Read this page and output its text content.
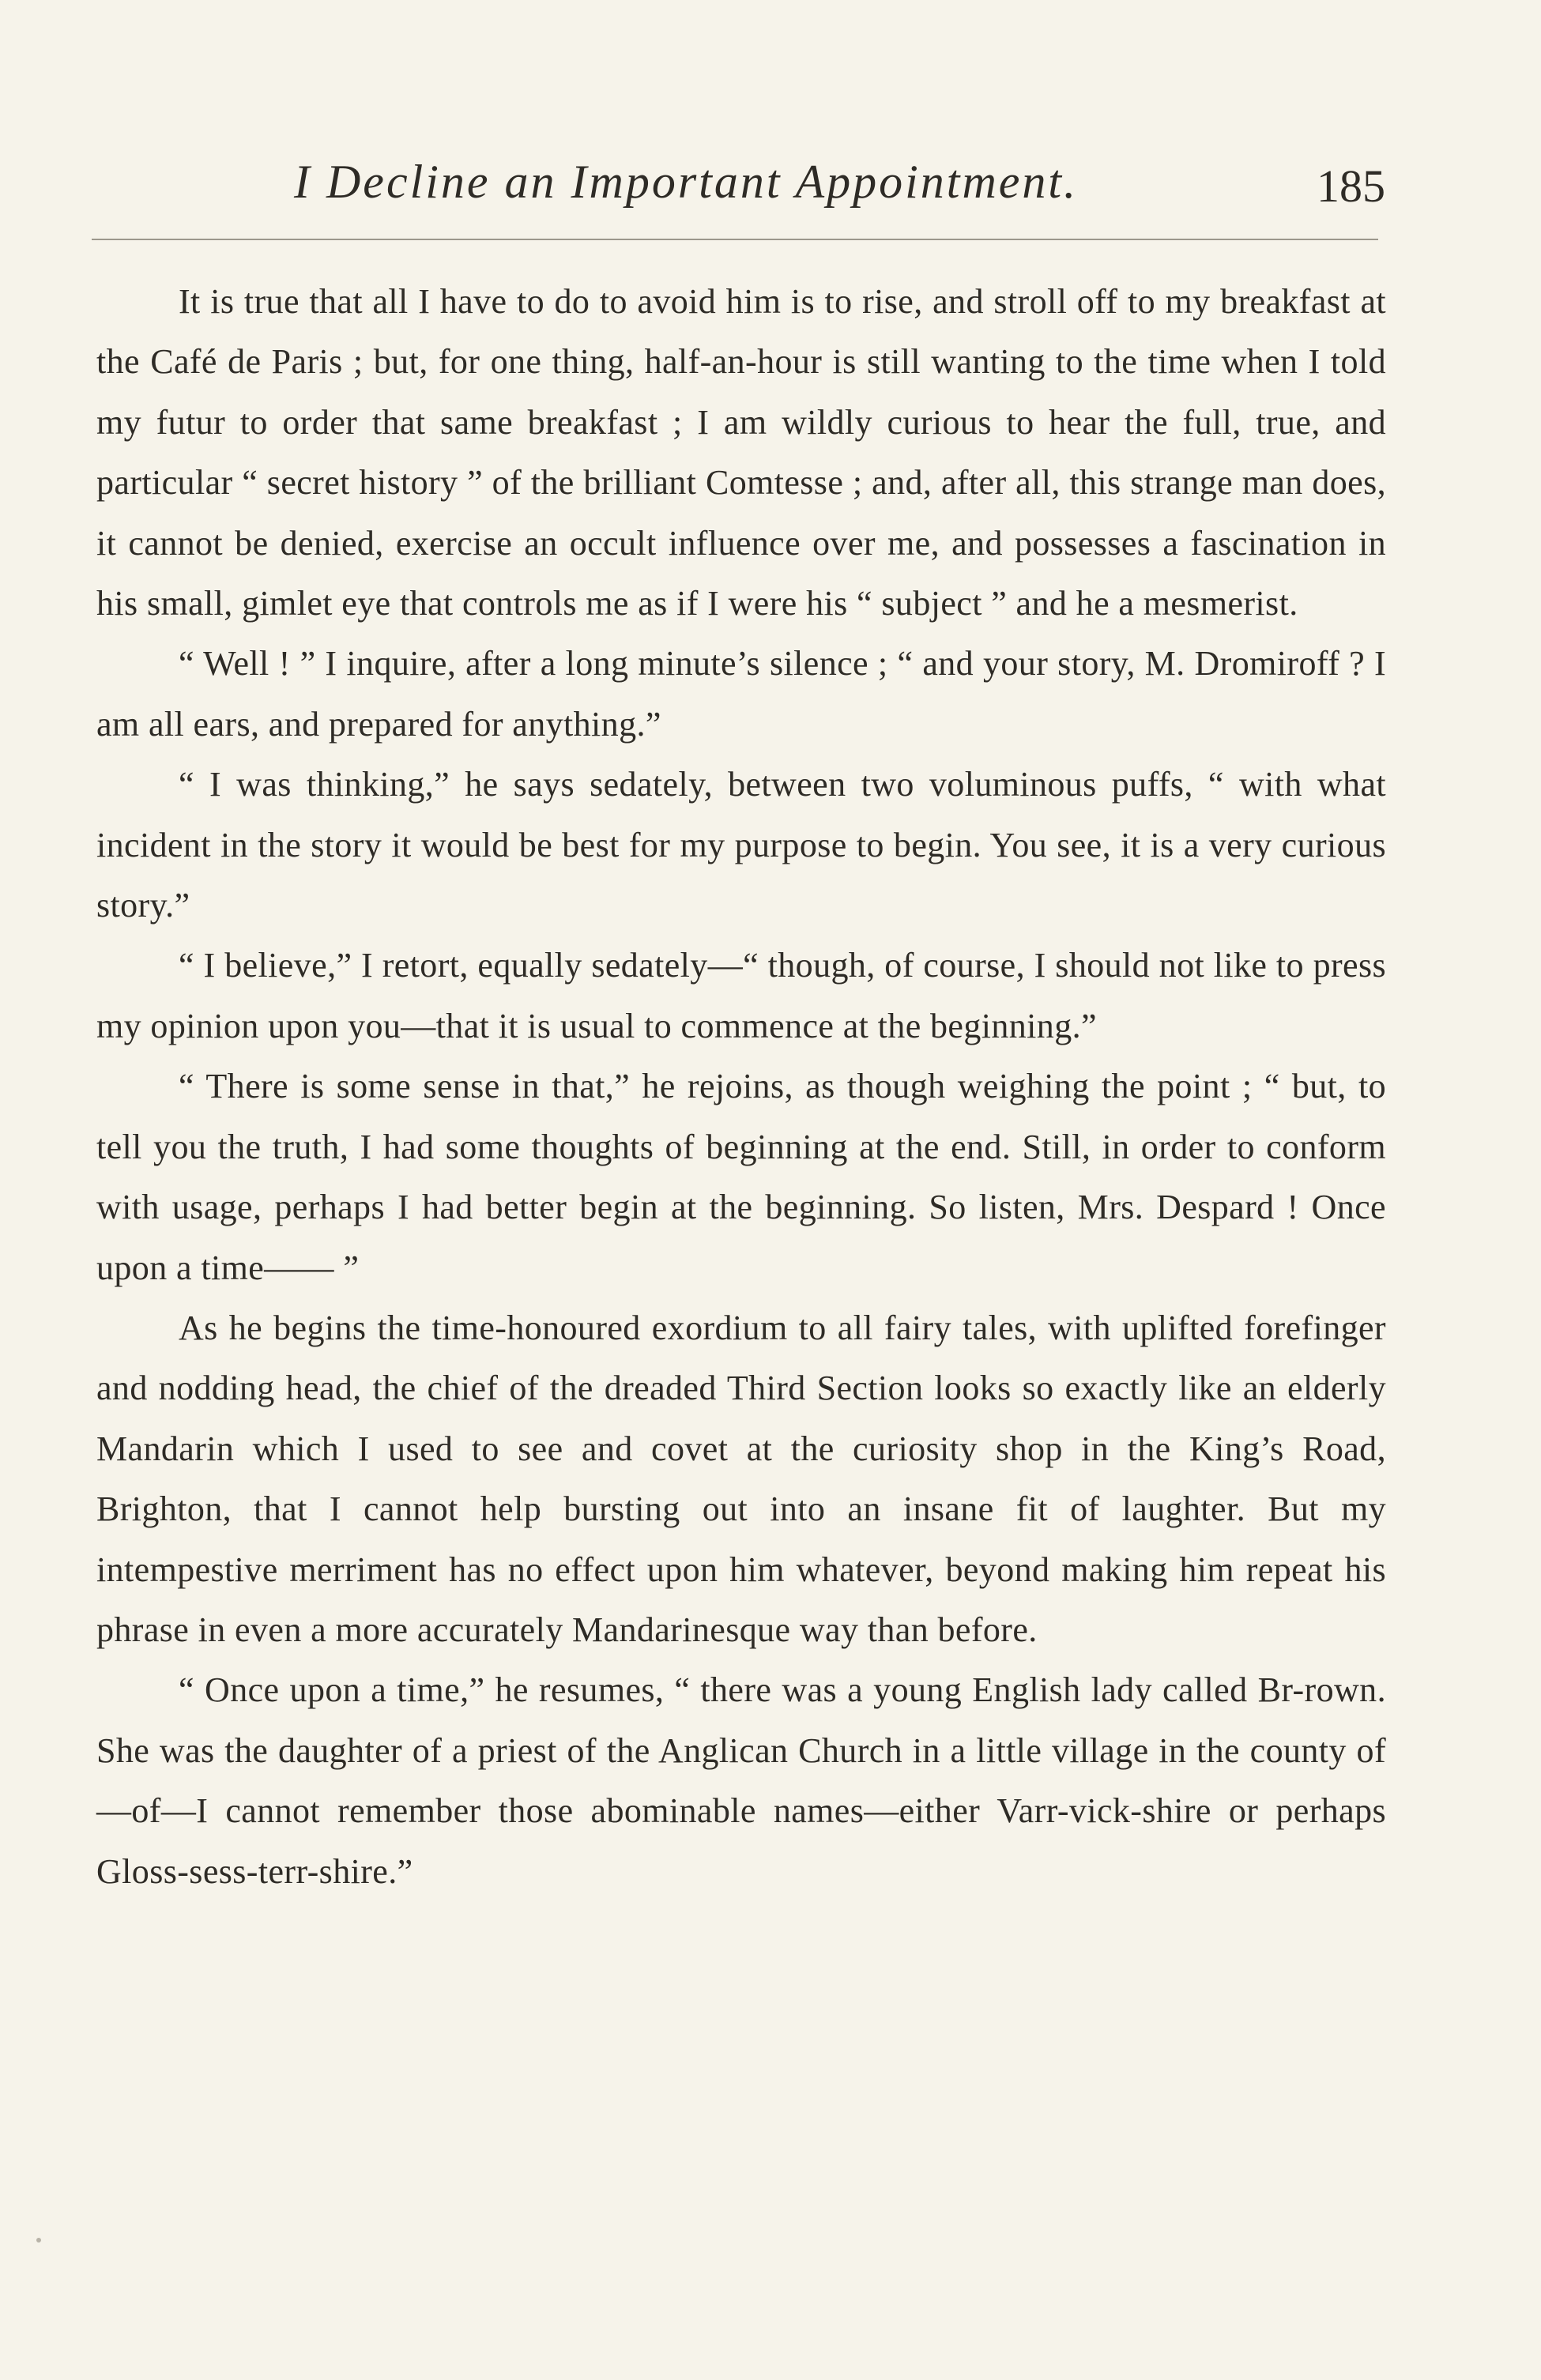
I Decline an Important Appointment.	185

It is true that all I have to do to avoid him is to rise, and stroll off to my breakfast at the Café de Paris ; but, for one thing, half-an-hour is still wanting to the time when I told my futur to order that same breakfast ; I am wildly curious to hear the full, true, and particular “ secret history ” of the brilliant Comtesse ; and, after all, this strange man does, it cannot be denied, exercise an occult influence over me, and possesses a fascination in his small, gimlet eye that controls me as if I were his “ subject ” and he a mesmerist.

“ Well ! ” I inquire, after a long minute’s silence ; “ and your story, M. Dromiroff ? I am all ears, and prepared for anything.”

“ I was thinking,” he says sedately, between two voluminous puffs, “ with what incident in the story it would be best for my purpose to begin. You see, it is a very curious story.”

“ I believe,” I retort, equally sedately—“ though, of course, I should not like to press my opinion upon you—that it is usual to commence at the beginning.”

“ There is some sense in that,” he rejoins, as though weighing the point ; “ but, to tell you the truth, I had some thoughts of beginning at the end. Still, in order to conform with usage, perhaps I had better begin at the beginning. So listen, Mrs. Despard ! Once upon a time—— ”

As he begins the time-honoured exordium to all fairy tales, with uplifted forefinger and nodding head, the chief of the dreaded Third Section looks so exactly like an elderly Mandarin which I used to see and covet at the curiosity shop in the King’s Road, Brighton, that I cannot help bursting out into an insane fit of laughter. But my intempestive merriment has no effect upon him whatever, beyond making him repeat his phrase in even a more accurately Mandarinesque way than before.

“ Once upon a time,” he resumes, “ there was a young English lady called Br-rown. She was the daughter of a priest of the Anglican Church in a little village in the county of—of—I cannot remember those abominable names—either Varr-vick-shire or perhaps Gloss-sess-terr-shire.”
